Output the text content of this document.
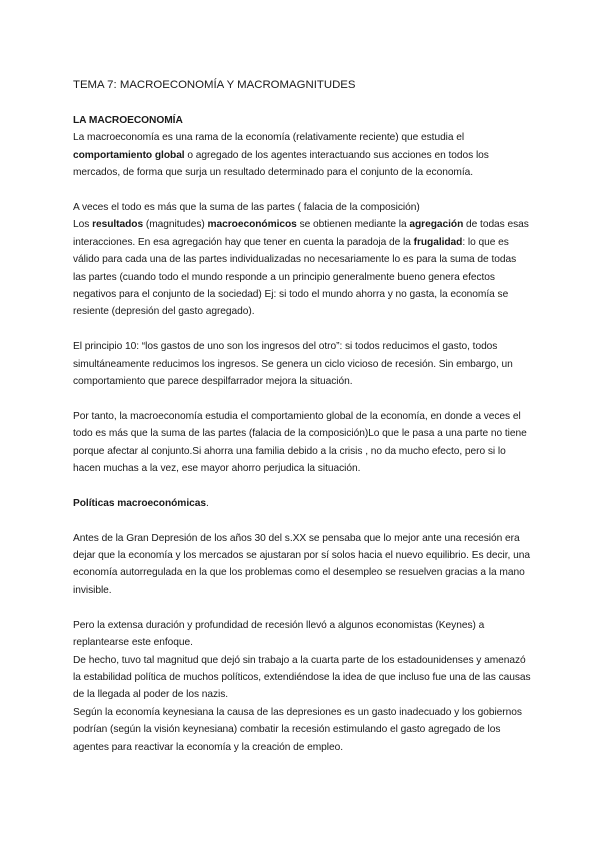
TEMA 7: MACROECONOMÍA Y MACROMAGNITUDES
LA MACROECONOMÍA

La macroeconomía es una rama de la economía (relativamente reciente) que estudia el comportamiento global o agregado de los agentes interactuando sus acciones en todos los mercados, de forma que surja un resultado determinado para el conjunto de la economía.

A veces el todo es más que la suma de las partes ( falacia de la composición)
Los resultados (magnitudes) macroeconómicos se obtienen mediante la agregación de todas esas interacciones. En esa agregación hay que tener en cuenta la paradoja de la frugalidad: lo que es válido para cada una de las partes individualizadas no necesariamente lo es para la suma de todas las partes (cuando todo el mundo responde a un principio generalmente bueno genera efectos negativos para el conjunto de la sociedad) Ej: si todo el mundo ahorra y no gasta, la economía se resiente (depresión del gasto agregado).

El principio 10: “los gastos de uno son los ingresos del otro”: si todos reducimos el gasto, todos simultáneamente reducimos los ingresos. Se genera un ciclo vicioso de recesión. Sin embargo, un comportamiento que parece despilfarrador mejora la situación.

Por tanto, la macroeconomía estudia el comportamiento global de la economía, en donde a veces el todo es más que la suma de las partes (falacia de la composición)Lo que le pasa a una parte no tiene porque afectar al conjunto.Si ahorra una familia debido a la crisis , no da mucho efecto, pero si lo hacen muchas a la vez, ese mayor ahorro perjudica la situación.

Políticas macroeconómicas.

Antes de la Gran Depresión de los años 30 del s.XX se pensaba que lo mejor ante una recesión era dejar que la economía y los mercados se ajustaran por sí solos hacia el nuevo equilibrio. Es decir, una economía autorregulada en la que los problemas como el desempleo se resuelven gracias a la mano invisible.

Pero la extensa duración y profundidad de recesión llevó a algunos economistas (Keynes) a replantearse este enfoque.

De hecho, tuvo tal magnitud que dejó sin trabajo a la cuarta parte de los estadounidenses y amenazó la estabilidad política de muchos políticos, extendiéndose la idea de que incluso fue una de las causas de la llegada al poder de los nazis.

Según la economía keynesiana la causa de las depresiones es un gasto inadecuado y los gobiernos podrían (según la visión keynesiana) combatir la recesión estimulando el gasto agregado de los agentes para reactivar la economía y la creación de empleo.
